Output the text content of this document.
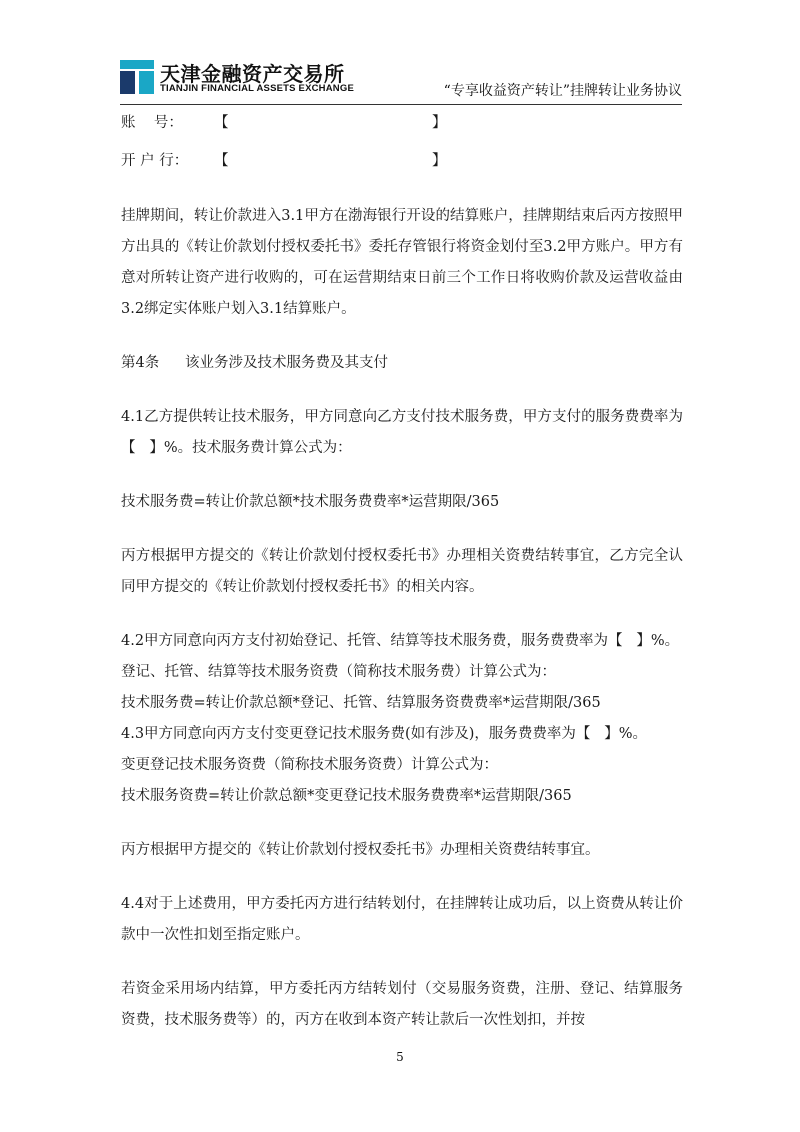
天津金融资产交易所
TIANJIN FINANCIAL ASSETS EXCHANGE	“专享收益资产转让”挂牌转让业务协议
账    号：	【	】
开 户 行：	【	】

挂牌期间，转让价款进入3.1甲方在渤海银行开设的结算账户，挂牌期结束后丙方按照甲方出具的《转让价款划付授权委托书》委托存管银行将资金划付至3.2甲方账户。甲方有意对所转让资产进行收购的，可在运营期结束日前三个工作日将收购价款及运营收益由3.2绑定实体账户划入3.1结算账户。

第4条	该业务涉及技术服务费及其支付

4.1乙方提供转让技术服务，甲方同意向乙方支付技术服务费，甲方支付的服务费费率为【   】%。技术服务费计算公式为：

技术服务费=转让价款总额*技术服务费费率*运营期限/365

丙方根据甲方提交的《转让价款划付授权委托书》办理相关资费结转事宜，乙方完全认同甲方提交的《转让价款划付授权委托书》的相关内容。

4.2甲方同意向丙方支付初始登记、托管、结算等技术服务费，服务费费率为【   】%。

登记、托管、结算等技术服务资费（简称技术服务费）计算公式为：

技术服务费=转让价款总额*登记、托管、结算服务资费费率*运营期限/365

4.3甲方同意向丙方支付变更登记技术服务费(如有涉及)，服务费费率为【   】%。

变更登记技术服务资费（简称技术服务资费）计算公式为：

技术服务资费=转让价款总额*变更登记技术服务费费率*运营期限/365

丙方根据甲方提交的《转让价款划付授权委托书》办理相关资费结转事宜。

4.4对于上述费用，甲方委托丙方进行结转划付，在挂牌转让成功后，以上资费从转让价款中一次性扣划至指定账户。

若资金采用场内结算，甲方委托丙方结转划付（交易服务资费，注册、登记、结算服务资费，技术服务费等）的，丙方在收到本资产转让款后一次性划扣，并按

5
